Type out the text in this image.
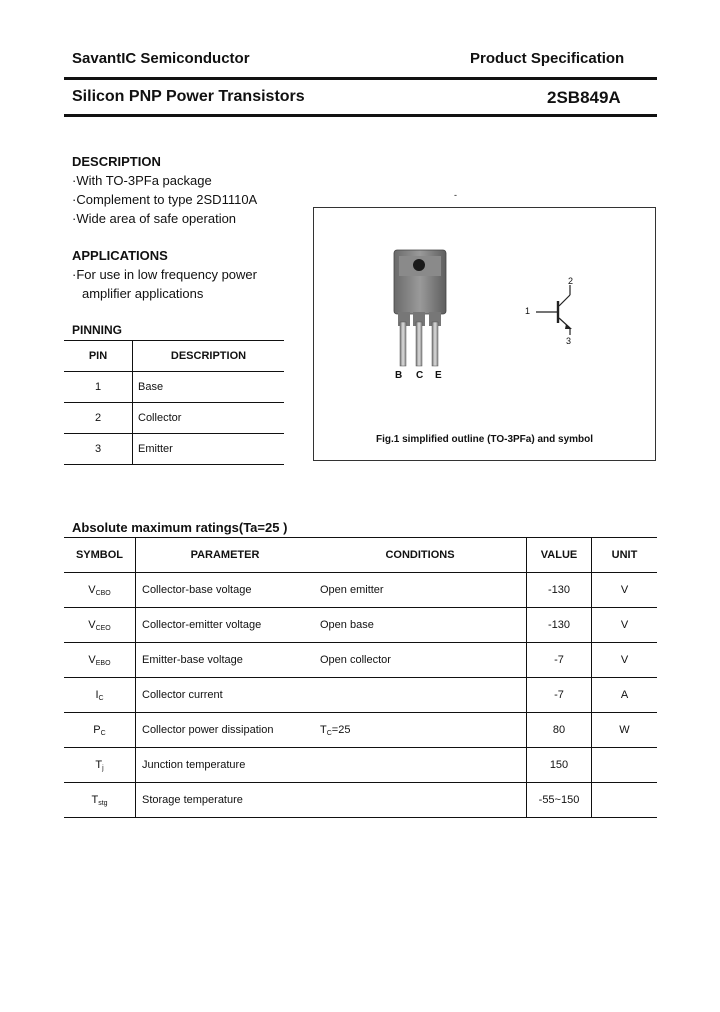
SavantIC Semiconductor	Product Specification
Silicon PNP Power Transistors	2SB849A
DESCRIPTION
·With TO-3PFa package
·Complement to type 2SD1110A
·Wide area of safe operation
APPLICATIONS
·For use in low frequency power
amplifier applications
PINNING
PIN	DESCRIPTION
1	Base
2	Collector
3	Emitter
-
B C E
1
2
3
Fig.1 simplified outline (TO-3PFa) and symbol
Absolute maximum ratings(Ta=25 )
SYMBOL	PARAMETER	CONDITIONS	VALUE	UNIT
$V_{CBO}$	Collector-base voltage	Open emitter	-130	V
$V_{CEO}$	Collector-emitter voltage	Open base	-130	V
$V_{EBO}$	Emitter-base voltage	Open collector	-7	V
$I_C$	Collector current		-7	A
$P_C$	Collector power dissipation	$T_C=25$	80	W
$T_j$	Junction temperature		150	
$T_{stg}$	Storage temperature		-55~150	
